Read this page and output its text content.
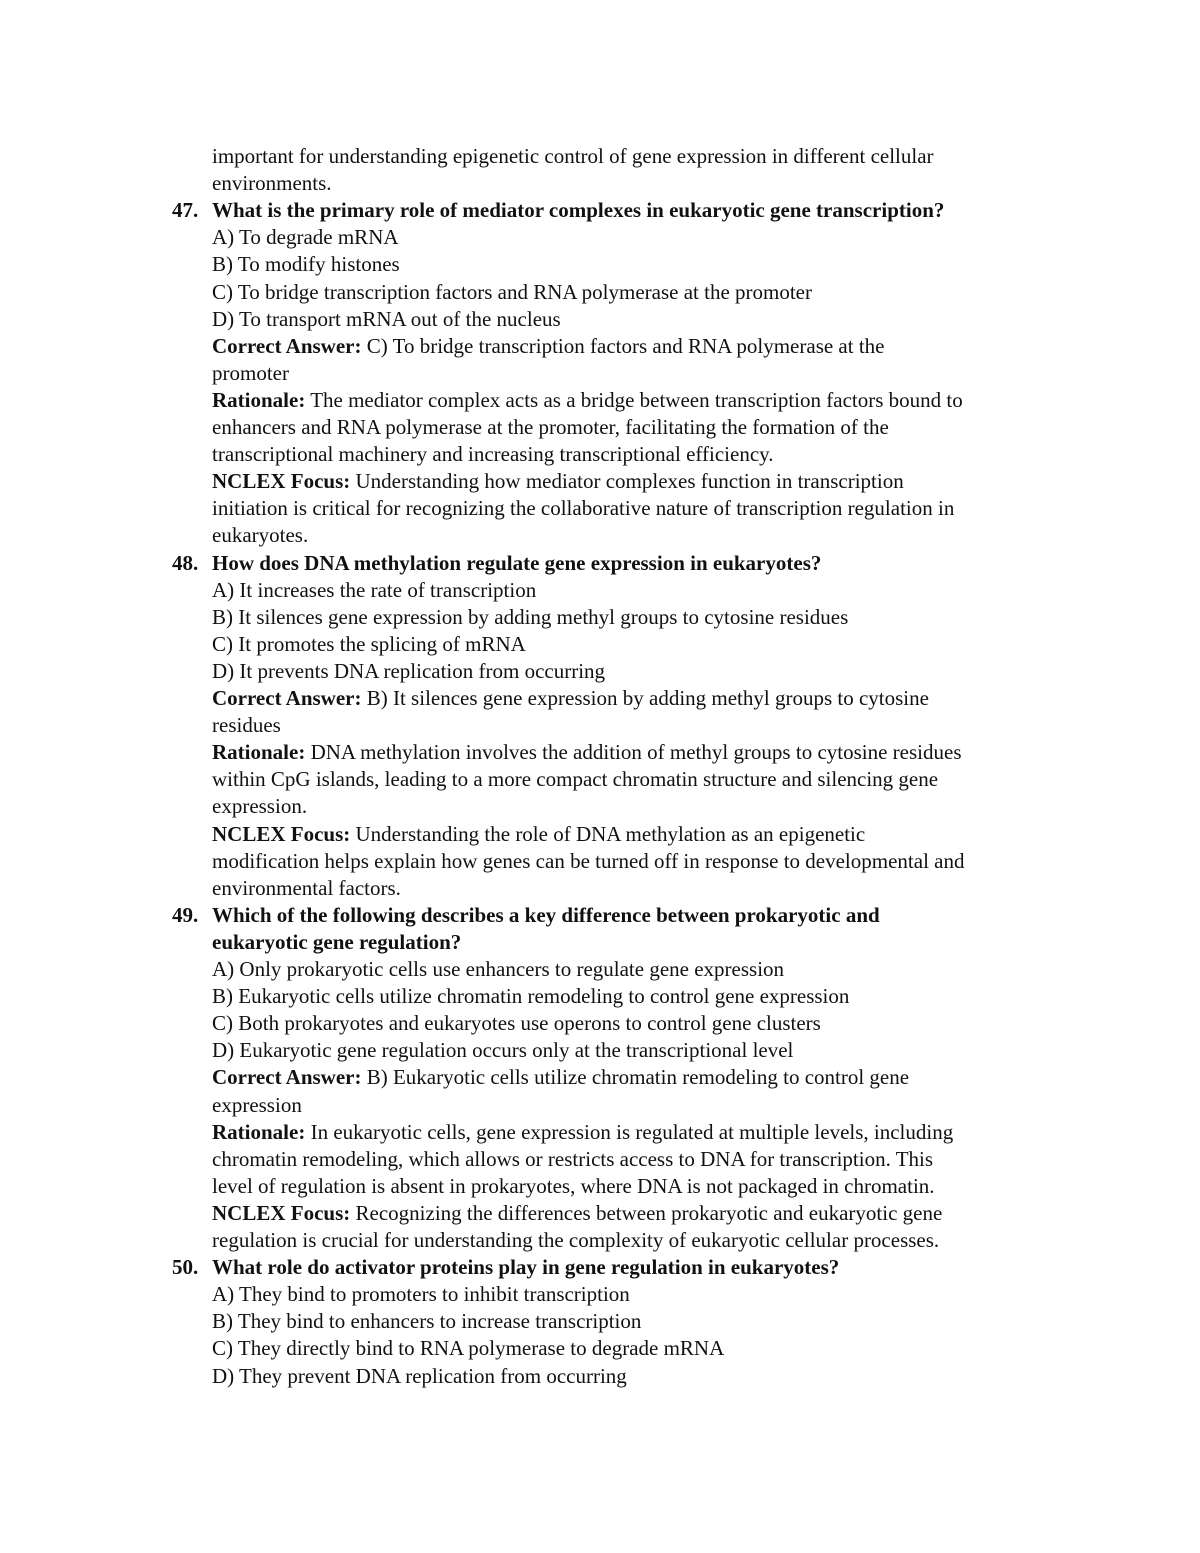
important for understanding epigenetic control of gene expression in different cellular
environments.
47. What is the primary role of mediator complexes in eukaryotic gene transcription?
A) To degrade mRNA
B) To modify histones
C) To bridge transcription factors and RNA polymerase at the promoter
D) To transport mRNA out of the nucleus
Correct Answer: C) To bridge transcription factors and RNA polymerase at the
promoter
Rationale: The mediator complex acts as a bridge between transcription factors bound to
enhancers and RNA polymerase at the promoter, facilitating the formation of the
transcriptional machinery and increasing transcriptional efficiency.
NCLEX Focus: Understanding how mediator complexes function in transcription
initiation is critical for recognizing the collaborative nature of transcription regulation in
eukaryotes.
48. How does DNA methylation regulate gene expression in eukaryotes?
A) It increases the rate of transcription
B) It silences gene expression by adding methyl groups to cytosine residues
C) It promotes the splicing of mRNA
D) It prevents DNA replication from occurring
Correct Answer: B) It silences gene expression by adding methyl groups to cytosine
residues
Rationale: DNA methylation involves the addition of methyl groups to cytosine residues
within CpG islands, leading to a more compact chromatin structure and silencing gene
expression.
NCLEX Focus: Understanding the role of DNA methylation as an epigenetic
modification helps explain how genes can be turned off in response to developmental and
environmental factors.
49. Which of the following describes a key difference between prokaryotic and
eukaryotic gene regulation?
A) Only prokaryotic cells use enhancers to regulate gene expression
B) Eukaryotic cells utilize chromatin remodeling to control gene expression
C) Both prokaryotes and eukaryotes use operons to control gene clusters
D) Eukaryotic gene regulation occurs only at the transcriptional level
Correct Answer: B) Eukaryotic cells utilize chromatin remodeling to control gene
expression
Rationale: In eukaryotic cells, gene expression is regulated at multiple levels, including
chromatin remodeling, which allows or restricts access to DNA for transcription. This
level of regulation is absent in prokaryotes, where DNA is not packaged in chromatin.
NCLEX Focus: Recognizing the differences between prokaryotic and eukaryotic gene
regulation is crucial for understanding the complexity of eukaryotic cellular processes.
50. What role do activator proteins play in gene regulation in eukaryotes?
A) They bind to promoters to inhibit transcription
B) They bind to enhancers to increase transcription
C) They directly bind to RNA polymerase to degrade mRNA
D) They prevent DNA replication from occurring
